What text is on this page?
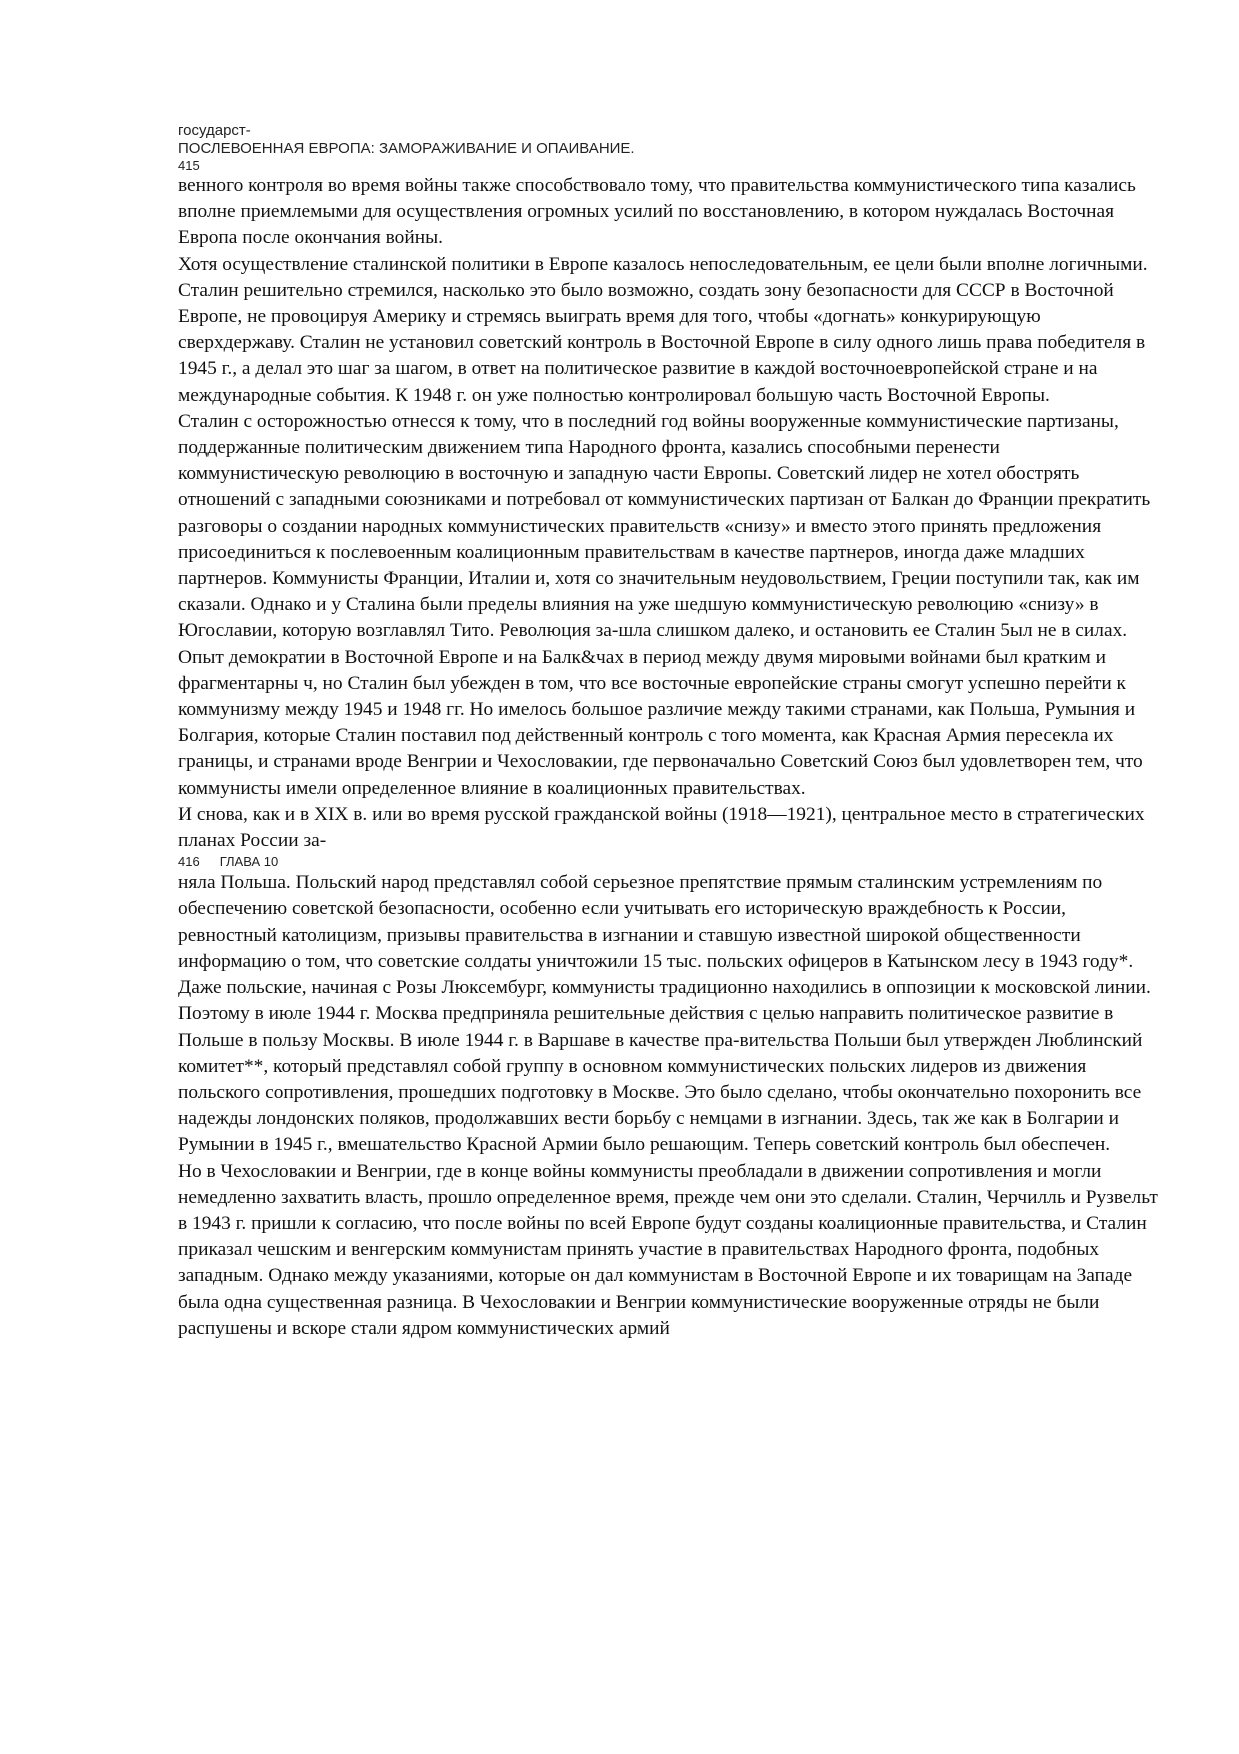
государст-
ПОСЛЕВОЕННАЯ ЕВРОПА: ЗАМОРАЖИВАНИЕ И ОПАИВАНИЕ.
415

венного контроля во время войны также способствовало тому, что правительства коммунистического типа казались вполне приемлемыми для осуществления огромных усилий по восстановлению, в котором нуждалась Восточная Европа после окончания войны.

Хотя осуществление сталинской политики в Европе казалось непоследовательным, ее цели были вполне логичными. Сталин решительно стремился, насколько это было возможно, создать зону безопасности для СССР в Восточной Европе, не провоцируя Америку и стремясь выиграть время для того, чтобы «догнать» конкурирующую сверхдержаву. Сталин не установил советский контроль в Восточной Европе в силу одного лишь права победителя в 1945 г., а делал это шаг за шагом, в ответ на политическое развитие в каждой восточноевропейской стране и на международные события. К 1948 г. он уже полностью контролировал большую часть Восточной Европы.

Сталин с осторожностью отнесся к тому, что в последний год войны вооруженные коммунистические партизаны, поддержанные политическим движением типа Народного фронта, казались способными перенести коммунистическую революцию в восточную и западную части Европы. Советский лидер не хотел обострять отношений с западными союзниками и потребовал от коммунистических партизан от Балкан до Франции прекратить разговоры о создании народных коммунистических правительств «снизу» и вместо этого принять предложения присоединиться к послевоенным коалиционным правительствам в качестве партнеров, иногда даже младших партнеров. Коммунисты Франции, Италии и, хотя со значительным неудовольствием, Греции поступили так, как им сказали. Однако и у Сталина были пределы влияния на уже шедшую коммунистическую революцию «снизу» в Югославии, которую возглавлял Тито. Революция за-шла слишком далеко, и остановить ее Сталин 5ыл не в силах. Опыт демократии в Восточной Европе и на Балк&чах в период между двумя мировыми войнами был кратким и фрагментарны ч, но Сталин был убежден в том, что все восточные европейские страны смогут успешно перейти к коммунизму между 1945 и 1948 гг. Но имелось большое различие между такими странами, как Польша, Румыния и Болгария, которые Сталин поставил под действенный контроль с того момента, как Красная Армия пересекла их границы, и странами вроде Венгрии и Чехословакии, где первоначально Советский Союз был удовлетворен тем, что коммунисты имели определенное влияние в коалиционных правительствах.

И снова, как и в XIX в. или во время русской гражданской войны (1918—1921), центральное место в стратегических планах России за-

416 ГЛАВА 10

няла Польша. Польский народ представлял собой серьезное препятствие прямым сталинским устремлениям по обеспечению советской безопасности, особенно если учитывать его историческую враждебность к России, ревностный католицизм, призывы правительства в изгнании и ставшую известной широкой общественности информацию о том, что советские солдаты уничтожили 15 тыс. польских офицеров в Катынском лесу в 1943 году*. Даже польские, начиная с Розы Люксембург, коммунисты традиционно находились в оппозиции к московской линии. Поэтому в июле 1944 г. Москва предприняла решительные действия с целью направить политическое развитие в Польше в пользу Москвы. В июле 1944 г. в Варшаве в качестве пра-вительства Польши был утвержден Люблинский комитет**, который представлял собой группу в основном коммунистических польских лидеров из движения польского сопротивления, прошедших подготовку в Москве. Это было сделано, чтобы окончательно похоронить все надежды лондонских поляков, продолжавших вести борьбу с немцами в изгнании. Здесь, так же как в Болгарии и Румынии в 1945 г., вмешательство Красной Армии было решающим. Теперь советский контроль был обеспечен.

Но в Чехословакии и Венгрии, где в конце войны коммунисты преобладали в движении сопротивления и могли немедленно захватить власть, прошло определенное время, прежде чем они это сделали. Сталин, Черчилль и Рузвельт в 1943 г. пришли к согласию, что после войны по всей Европе будут созданы коалиционные правительства, и Сталин приказал чешским и венгерским коммунистам принять участие в правительствах Народного фронта, подобных западным. Однако между указаниями, которые он дал коммунистам в Восточной Европе и их товарищам на Западе была одна существенная разница. В Чехословакии и Венгрии коммунистические вооруженные отряды не были распушены и вскоре стали ядром коммунистических армий
